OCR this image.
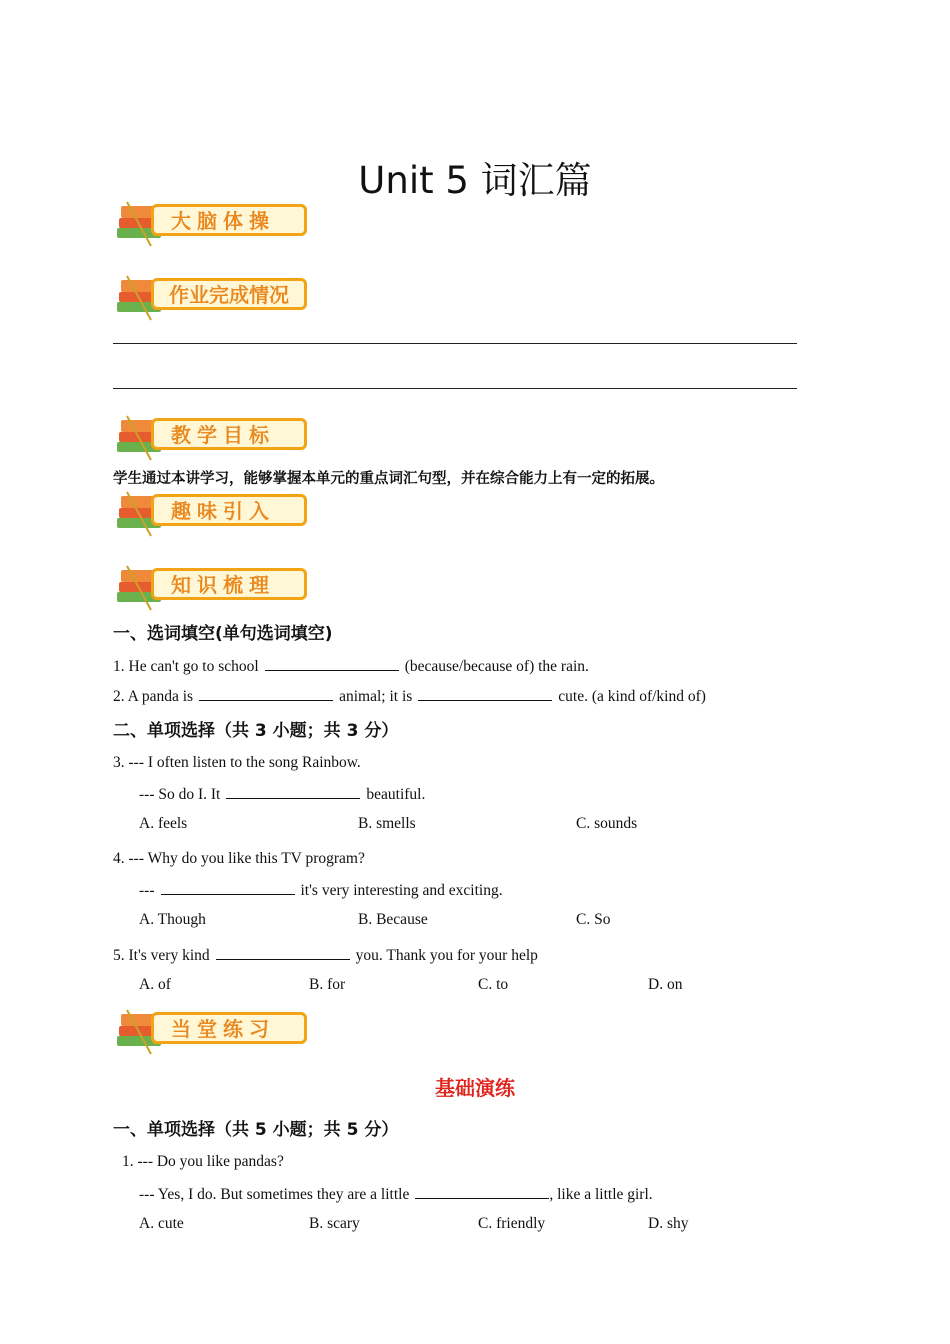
Unit 5 词汇篇
大脑体操
作业完成情况
教学目标
学生通过本讲学习，能够掌握本单元的重点词汇句型，并在综合能力上有一定的拓展。
趣味引入
知识梳理
一、选词填空(单句选词填空)
1. He can't go to school	(because/because of) the rain.
2. A panda is	animal; it is	cute. (a kind of/kind of)
二、单项选择（共 3 小题；共 3 分）
3. --- I often listen to the song Rainbow.
--- So do I. It	beautiful.
A. feels	B. smells	C. sounds
4. --- Why do you like this TV program?
---	it's very interesting and exciting.
A. Though	B. Because	C. So
5. It's very kind	you. Thank you for your help
A. of	B. for	C. to	D. on
当堂练习
基础演练
一、单项选择（共 5 小题；共 5 分）
1. --- Do you like pandas?
--- Yes, I do. But sometimes they are a little	, like a little girl.
A. cute	B. scary	C. friendly	D. shy
